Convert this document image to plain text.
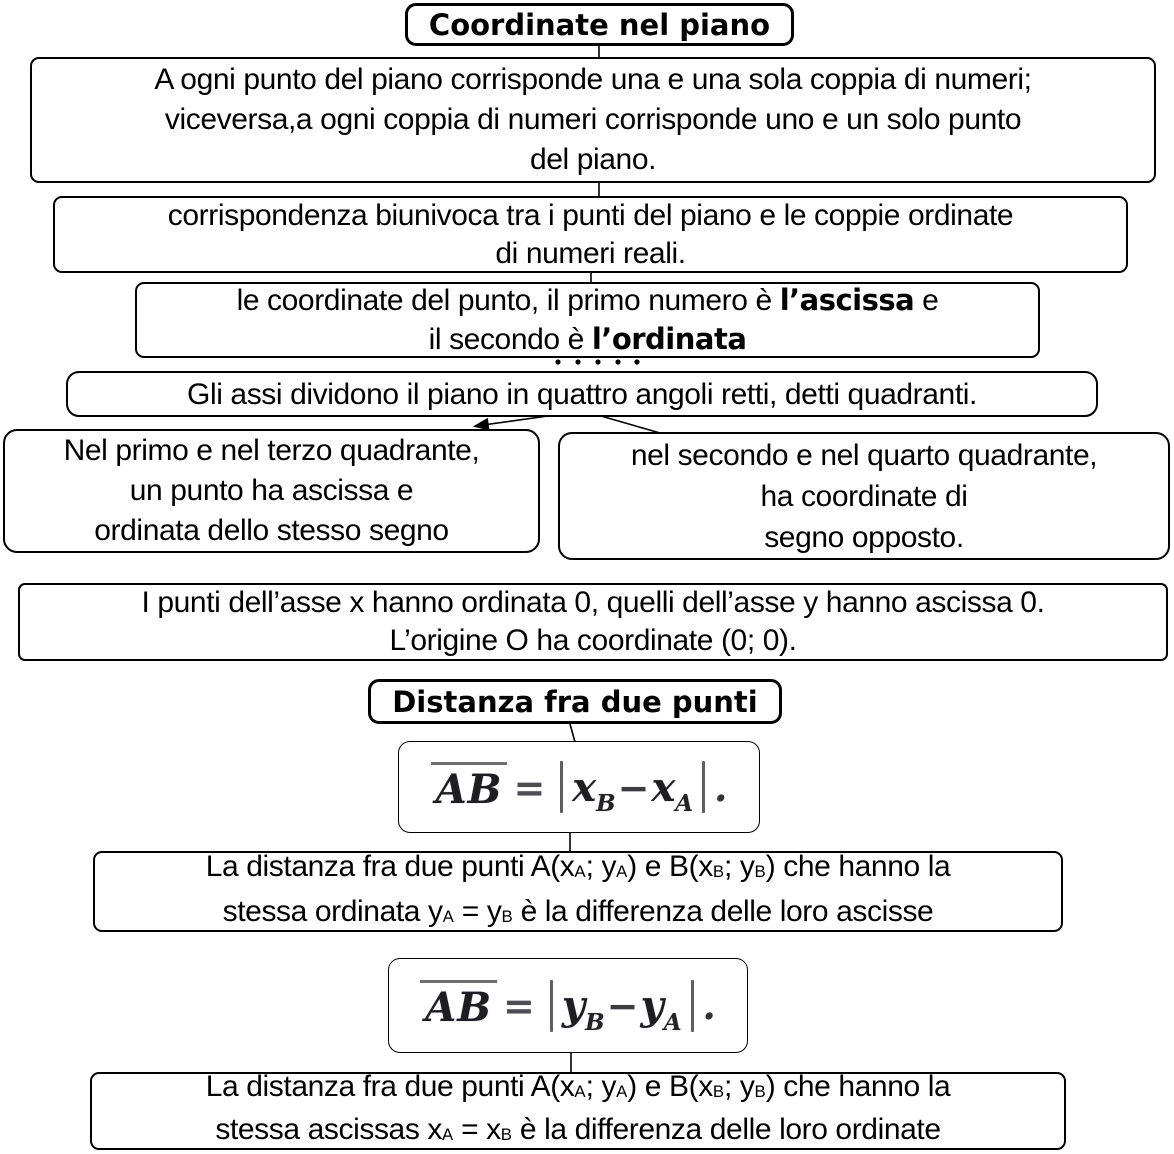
Coordinate nel piano
A ogni punto del piano corrisponde una e una sola coppia di numeri;
viceversa,a ogni coppia di numeri corrisponde uno e un solo punto
del piano.
corrispondenza biunivoca tra i punti del piano e le coppie ordinate
di numeri reali.
le coordinate del punto, il primo numero è l’ascissa e
il secondo è l’ordinata
Gli assi dividono il piano in quattro angoli retti, detti quadranti.
Nel primo e nel terzo quadrante,
un punto ha ascissa e
ordinata dello stesso segno
nel secondo e nel quarto quadrante,
ha coordinate di
segno opposto.
I punti dell’asse x hanno ordinata 0, quelli dell’asse y hanno ascissa 0.
L’origine O ha coordinate (0; 0).
Distanza fra due punti
AB = x B − x A .
La distanza fra due punti A(xA; yA) e B(xB; yB) che hanno la
stessa ordinata yA = yB è la differenza delle loro ascisse
AB = y B − y A .
La distanza fra due punti A(xA; yA) e B(xB; yB) che hanno la
stessa ascissas xA = xB è la differenza delle loro ordinate
